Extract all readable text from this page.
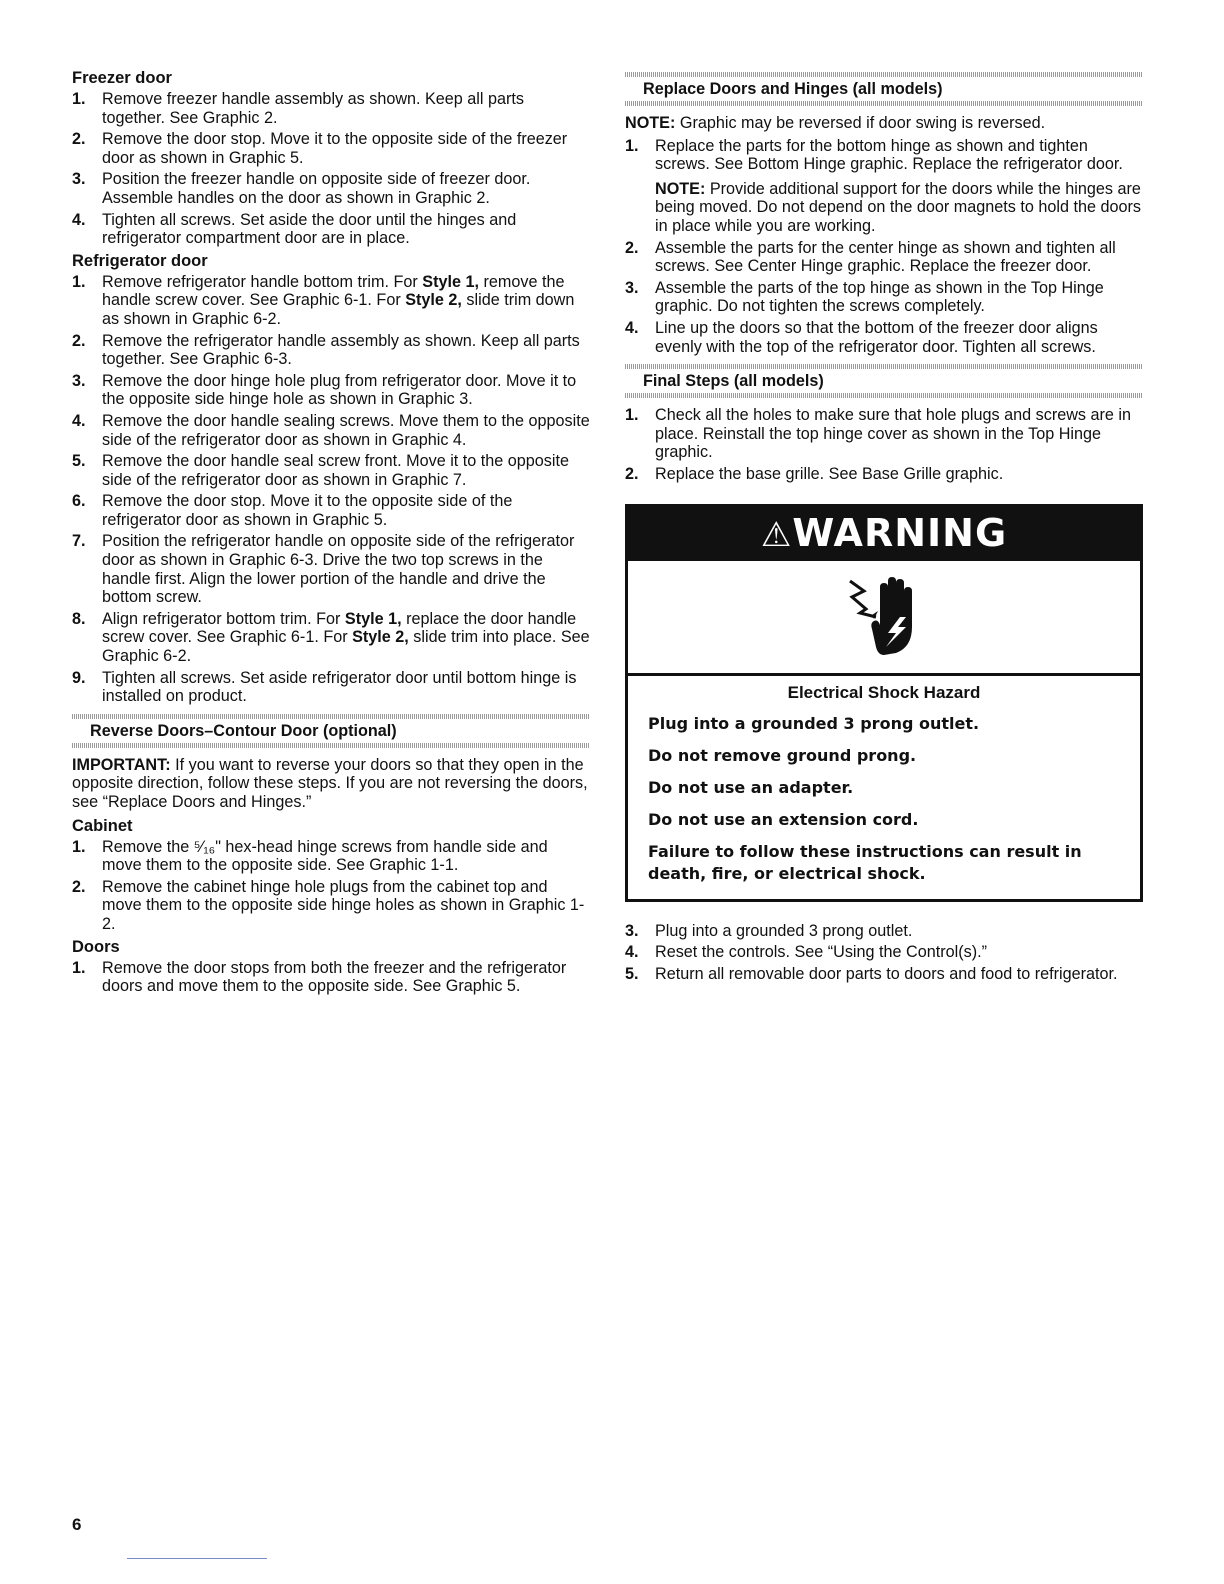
Freezer door
1. Remove freezer handle assembly as shown. Keep all parts together. See Graphic 2.
2. Remove the door stop. Move it to the opposite side of the freezer door as shown in Graphic 5.
3. Position the freezer handle on opposite side of freezer door. Assemble handles on the door as shown in Graphic 2.
4. Tighten all screws. Set aside the door until the hinges and refrigerator compartment door are in place.
Refrigerator door
1. Remove refrigerator handle bottom trim. For Style 1, remove the handle screw cover. See Graphic 6-1. For Style 2, slide trim down as shown in Graphic 6-2.
2. Remove the refrigerator handle assembly as shown. Keep all parts together. See Graphic 6-3.
3. Remove the door hinge hole plug from refrigerator door. Move it to the opposite side hinge hole as shown in Graphic 3.
4. Remove the door handle sealing screws. Move them to the opposite side of the refrigerator door as shown in Graphic 4.
5. Remove the door handle seal screw front. Move it to the opposite side of the refrigerator door as shown in Graphic 7.
6. Remove the door stop. Move it to the opposite side of the refrigerator door as shown in Graphic 5.
7. Position the refrigerator handle on opposite side of the refrigerator door as shown in Graphic 6-3. Drive the two top screws in the handle first. Align the lower portion of the handle and drive the bottom screw.
8. Align refrigerator bottom trim. For Style 1, replace the door handle screw cover. See Graphic 6-1. For Style 2, slide trim into place. See Graphic 6-2.
9. Tighten all screws. Set aside refrigerator door until bottom hinge is installed on product.
Reverse Doors–Contour Door (optional)

IMPORTANT: If you want to reverse your doors so that they open in the opposite direction, follow these steps. If you are not reversing the doors, see “Replace Doors and Hinges.”

Cabinet
1. Remove the ⁵⁄₁₆" hex-head hinge screws from handle side and move them to the opposite side. See Graphic 1-1.
2. Remove the cabinet hinge hole plugs from the cabinet top and move them to the opposite side hinge holes as shown in Graphic 1-2.
Doors
1. Remove the door stops from both the freezer and the refrigerator doors and move them to the opposite side. See Graphic 5.
Replace Doors and Hinges (all models)

NOTE: Graphic may be reversed if door swing is reversed.

1. Replace the parts for the bottom hinge as shown and tighten screws. See Bottom Hinge graphic. Replace the refrigerator door.

NOTE: Provide additional support for the doors while the hinges are being moved. Do not depend on the door magnets to hold the doors in place while you are working.

2. Assemble the parts for the center hinge as shown and tighten all screws. See Center Hinge graphic. Replace the freezer door.
3. Assemble the parts of the top hinge as shown in the Top Hinge graphic. Do not tighten the screws completely.
4. Line up the doors so that the bottom of the freezer door aligns evenly with the top of the refrigerator door. Tighten all screws.
Final Steps (all models)
1. Check all the holes to make sure that hole plugs and screws are in place. Reinstall the top hinge cover as shown in the Top Hinge graphic.
2. Replace the base grille. See Base Grille graphic.
⚠WARNING
Electrical Shock Hazard
Plug into a grounded 3 prong outlet.
Do not remove ground prong.
Do not use an adapter.
Do not use an extension cord.
Failure to follow these instructions can result in death, fire, or electrical shock.
3. Plug into a grounded 3 prong outlet.
4. Reset the controls. See “Using the Control(s).”
5. Return all removable door parts to doors and food to refrigerator.
6
